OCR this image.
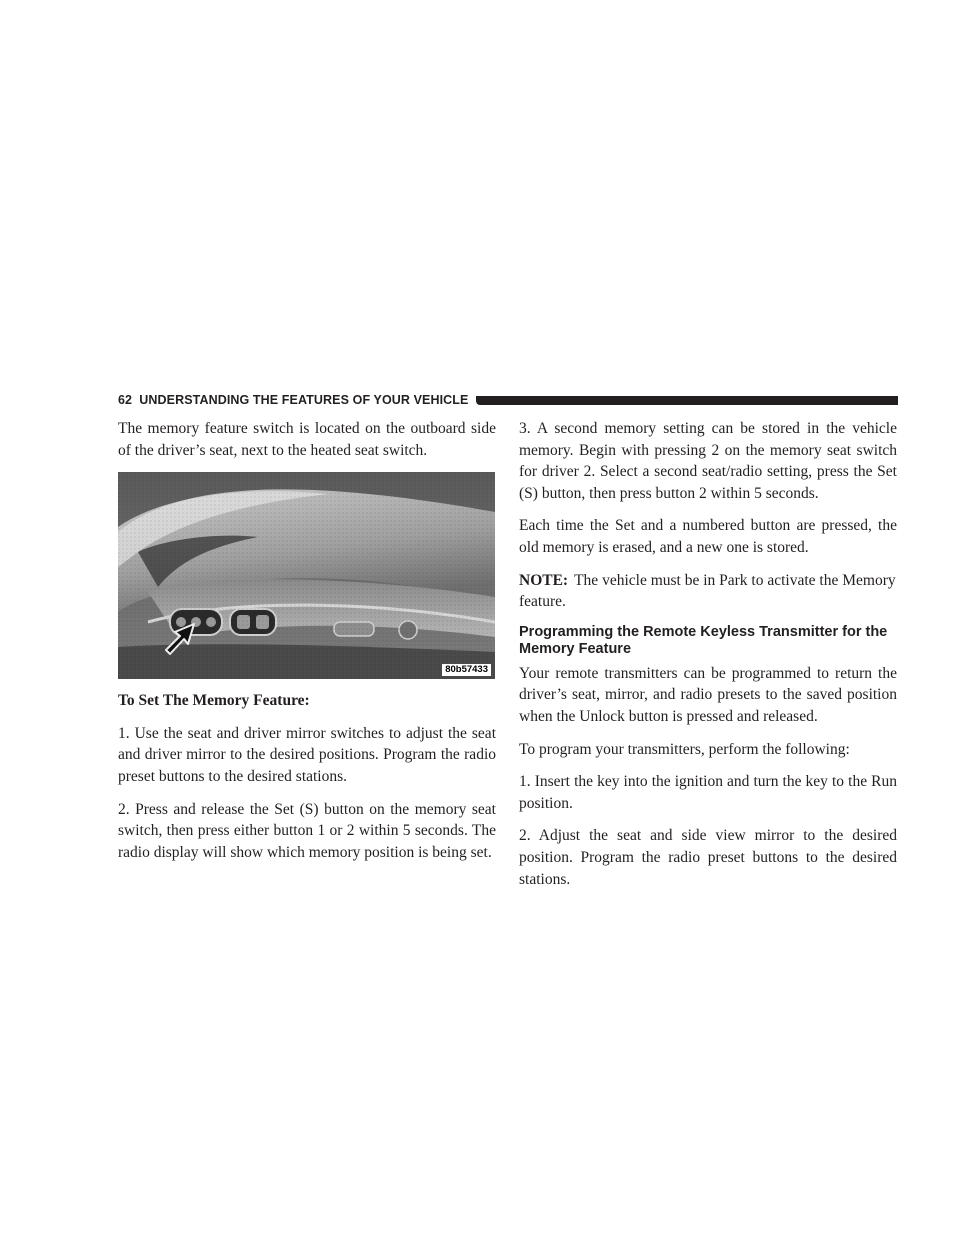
62 UNDERSTANDING THE FEATURES OF YOUR VEHICLE

The memory feature switch is located on the outboard side of the driver’s seat, next to the heated seat switch.

80b57433
To Set The Memory Feature:

1. Use the seat and driver mirror switches to adjust the seat and driver mirror to the desired positions. Program the radio preset buttons to the desired stations.

2. Press and release the Set (S) button on the memory seat switch, then press either button 1 or 2 within 5 seconds. The radio display will show which memory position is being set.

3. A second memory setting can be stored in the vehicle memory. Begin with pressing 2 on the memory seat switch for driver 2. Select a second seat/radio setting, press the Set (S) button, then press button 2 within 5 seconds.

Each time the Set and a numbered button are pressed, the old memory is erased, and a new one is stored.

NOTE: The vehicle must be in Park to activate the Memory feature.

Programming the Remote Keyless Transmitter for the Memory Feature

Your remote transmitters can be programmed to return the driver’s seat, mirror, and radio presets to the saved position when the Unlock button is pressed and released.

To program your transmitters, perform the following:

1. Insert the key into the ignition and turn the key to the Run position.

2. Adjust the seat and side view mirror to the desired position. Program the radio preset buttons to the desired stations.
